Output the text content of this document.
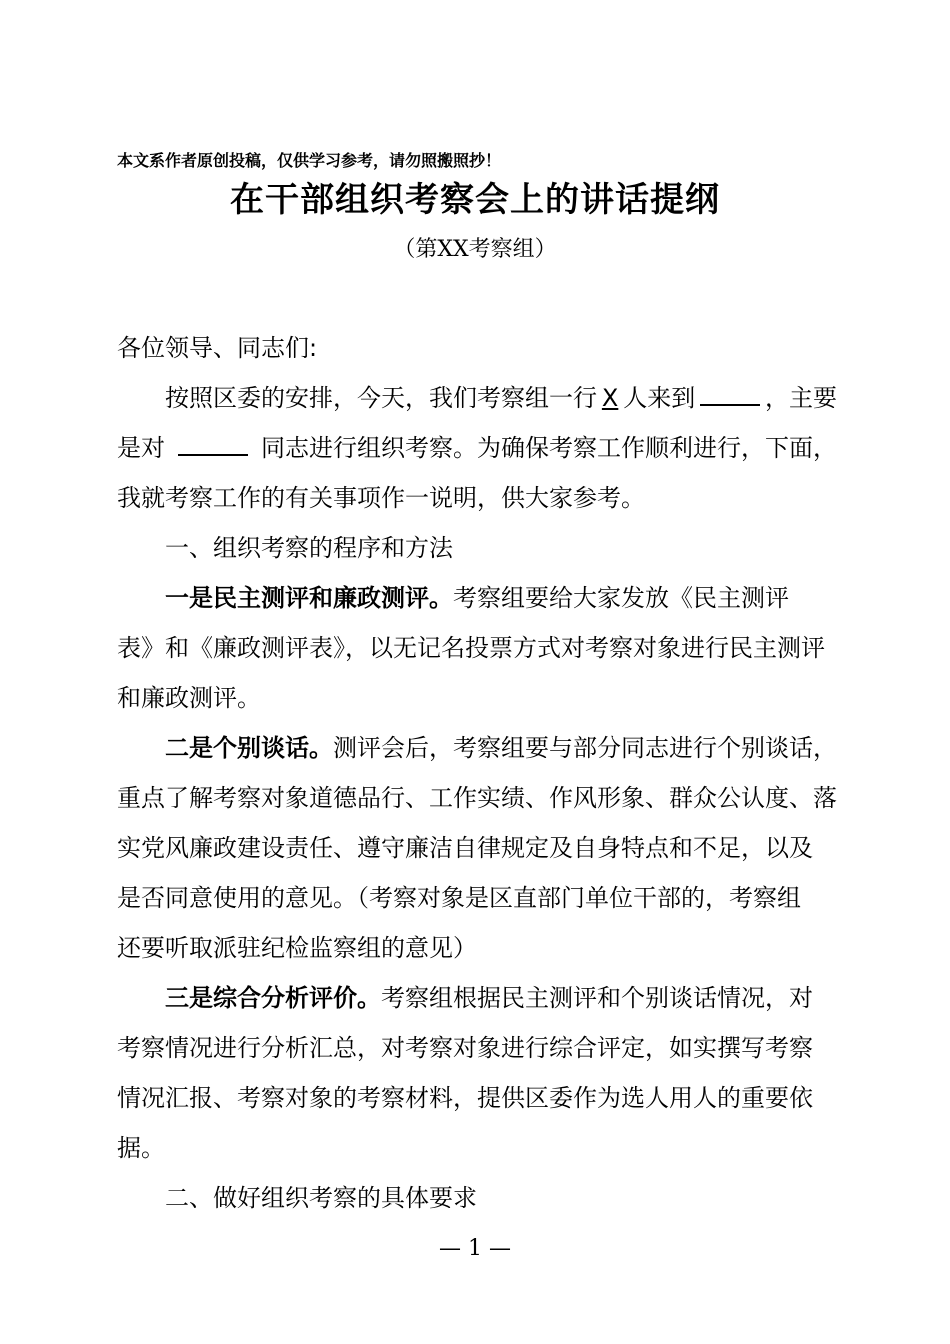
本文系作者原创投稿，仅供学习参考，请勿照搬照抄！
在干部组织考察会上的讲话提纲
（第XX考察组）
各位领导、同志们:
按照区委的安排，今天，我们考察组一行 X 人来到	，主要
是对	同志进行组织考察。为确保考察工作顺利进行，下面，
我就考察工作的有关事项作一说明，供大家参考。
一、组织考察的程序和方法
一是民主测评和廉政测评。考察组要给大家发放《民主测评
表》和《廉政测评表》，以无记名投票方式对考察对象进行民主测评
和廉政测评。
二是个别谈话。测评会后，考察组要与部分同志进行个别谈话，
重点了解考察对象道德品行、工作实绩、作风形象、群众公认度、落
实党风廉政建设责任、遵守廉洁自律规定及自身特点和不足，以及
是否同意使用的意见。（考察对象是区直部门单位干部的，考察组
还要听取派驻纪检监察组的意见）
三是综合分析评价。考察组根据民主测评和个别谈话情况，对
考察情况进行分析汇总，对考察对象进行综合评定，如实撰写考察
情况汇报、考察对象的考察材料，提供区委作为选人用人的重要依
据。
二、做好组织考察的具体要求
— 1 —
